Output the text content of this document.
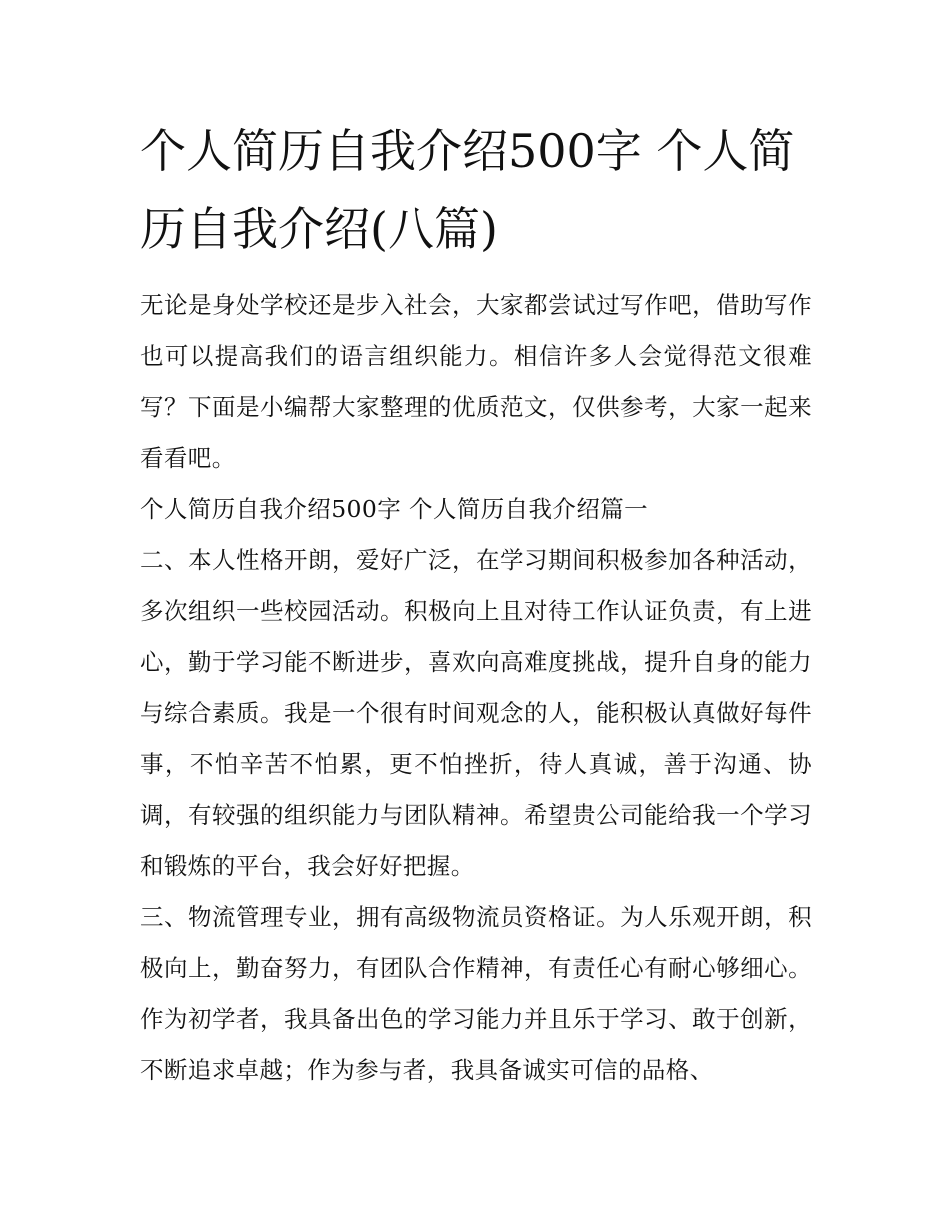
个人简历自我介绍500字 个人简历自我介绍(八篇)

无论是身处学校还是步入社会，大家都尝试过写作吧，借助写作也可以提高我们的语言组织能力。相信许多人会觉得范文很难写？下面是小编帮大家整理的优质范文，仅供参考，大家一起来看看吧。

个人简历自我介绍500字 个人简历自我介绍篇一

二、本人性格开朗，爱好广泛，在学习期间积极参加各种活动，多次组织一些校园活动。积极向上且对待工作认证负责，有上进心，勤于学习能不断进步，喜欢向高难度挑战，提升自身的能力与综合素质。我是一个很有时间观念的人，能积极认真做好每件事，不怕辛苦不怕累，更不怕挫折，待人真诚，善于沟通、协调，有较强的组织能力与团队精神。希望贵公司能给我一个学习和锻炼的平台，我会好好把握。

三、物流管理专业，拥有高级物流员资格证。为人乐观开朗，积极向上，勤奋努力，有团队合作精神，有责任心有耐心够细心。作为初学者，我具备出色的学习能力并且乐于学习、敢于创新，不断追求卓越；作为参与者，我具备诚实可信的品格、
